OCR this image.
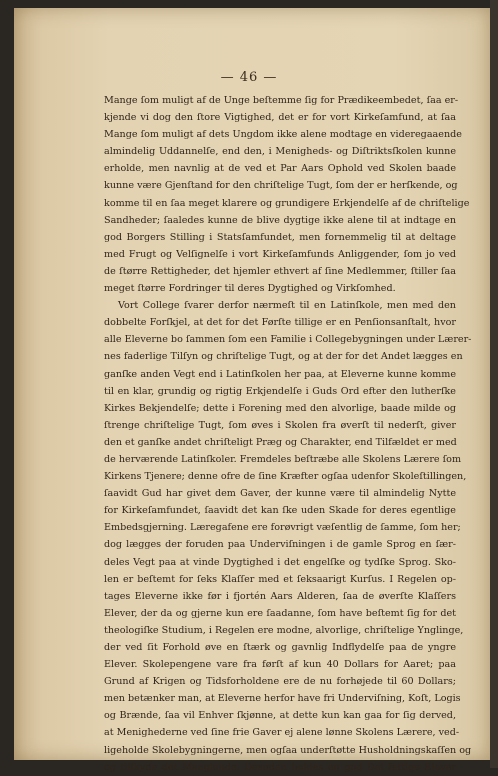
— 46 —
Mange ſom muligt af de Unge beſtemme ſig for Prædikeembedet, ſaa er-
kjende vi dog den ſtore Vigtighed, det er for vort Kirkeſamfund, at ſaa
Mange ſom muligt af dets Ungdom ikke alene modtage en videregaaende
almindelig Uddannelſe, end den, i Menigheds- og Diſtriktsſkolen kunne
erholde, men navnlig at de ved et Par Aars Ophold ved Skolen baade
kunne være Gjenſtand for den chriſtelige Tugt, ſom der er herſkende, og
komme til en ſaa meget klarere og grundigere Erkjendelſe af de chriſtelige
Sandheder; ſaaledes kunne de blive dygtige ikke alene til at indtage en
god Borgers Stilling i Statsſamfundet, men fornemmelig til at deltage
med Frugt og Velſignelſe i vort Kirkeſamfunds Anliggender, ſom jo ved
de ſtørre Rettigheder, det hjemler ethvert af ſine Medlemmer, ſtiller ſaa
meget ſtørre Fordringer til deres Dygtighed og Virkſomhed.
Vort College ſvarer derfor nærmeſt til en Latinſkole, men med den
dobbelte Forſkjel, at det for det Førſte tillige er en Penſionsanſtalt, hvor
alle Eleverne bo ſammen ſom een Familie i Collegebygningen under Lærer-
nes faderlige Tilſyn og chriſtelige Tugt, og at der for det Andet lægges en
ganſke anden Vegt end i Latinſkolen her paa, at Eleverne kunne komme
til en klar, grundig og rigtig Erkjendelſe i Guds Ord efter den lutherſke
Kirkes Bekjendelſe; dette i Forening med den alvorlige, baade milde og
ſtrenge chriſtelige Tugt, ſom øves i Skolen fra øverſt til nederſt, giver
den et ganſke andet chriſteligt Præg og Charakter, end Tilfældet er med
de herværende Latinſkoler. Fremdeles beſtræbe alle Skolens Lærere ſom
Kirkens Tjenere; denne ofre de ſine Kræfter ogſaa udenfor Skoleſtillingen,
ſaavidt Gud har givet dem Gaver, der kunne være til almindelig Nytte
for Kirkeſamfundet, ſaavidt det kan ſke uden Skade for deres egentlige
Embedsgjerning. Læregafene ere forøvrigt væſentlig de ſamme, ſom her;
dog lægges der foruden paa Underviſningen i de gamle Sprog en ſær-
deles Vegt paa at vinde Dygtighed i det engelſke og tydſke Sprog. Sko-
len er beſtemt for ſeks Klaſſer med et ſeksaarigt Kurſus. I Regelen op-
tages Eleverne ikke før i fjortén Aars Alderen, ſaa de øverſte Klaſſers
Elever, der da og gjerne kun ere ſaadanne, ſom have beſtemt ſig for det
theologiſke Studium, i Regelen ere modne, alvorlige, chriſtelige Ynglinge,
der ved ſit Forhold øve en ſtærk og gavnlig Indflydelſe paa de yngre
Elever. Skolepengene vare fra førſt af kun 40 Dollars for Aaret; paa
Grund af Krigen og Tidsforholdene ere de nu forhøjede til 60 Dollars;
men betænker man, at Eleverne herfor have fri Underviſning, Koſt, Logis
og Brænde, ſaa vil Enhver ſkjønne, at dette kun kan gaa for ſig derved,
at Menighederne ved ſine frie Gaver ej alene lønne Skolens Lærere, ved-
ligeholde Skolebygningerne, men ogſaa underſtøtte Husholdningskaſſen og
og tilſkyde det Manglende. Desuden holdes en god Del fattige Elever
